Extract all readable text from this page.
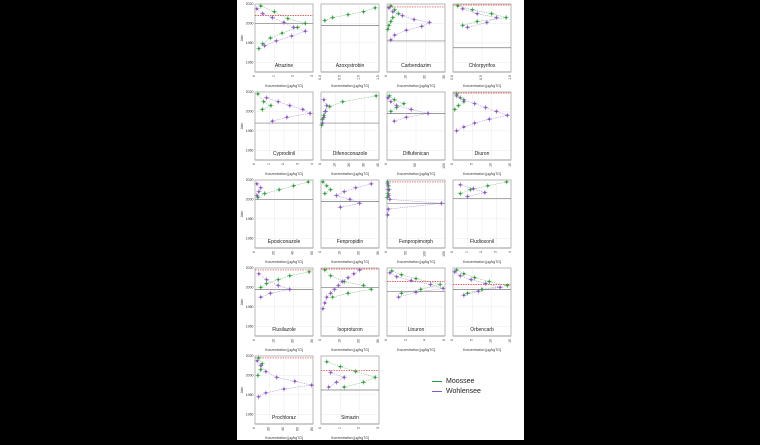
Atrazine
0	1	2	3
Konzentration [µg/kgTG]
1960
1980
2000
2020
Jahr
Azoxystrobin
0.0	0.5	1.0	1.5
Konzentration [µg/kgTG]
Carbendazim
0	10	20	30
Konzentration [µg/kgTG]
Chlorpyrifos
0.0	0.5	1.0
Konzentration [µg/kgTG]
Cyprodinil
0	1	2	3	4
Konzentration [µg/kgTG]
1960
1980
2000
2020
Jahr
Difenoconazole
0	10	20	30	40
Konzentration [µg/kgTG]
Diflufenican
0	50	100
Konzentration [µg/kgTG]
Diuron
0	5	10	15
Konzentration [µg/kgTG]
Epoxiconazole
0	20	40	60
Konzentration [µg/kgTG]
1960
1980
2000
2020
Jahr
Fenpropidin
0	10	20	30
Konzentration [µg/kgTG]
Fenpropimorph
0	50	100	150
Konzentration [µg/kgTG]
Fludioxonil
0	1	2	3	4
Konzentration [µg/kgTG]
Flusilazole
0	10	20	30
Konzentration [µg/kgTG]
1960
1980
2000
2020
Jahr
Isoproturon
0	10	20	30
Konzentration [µg/kgTG]
Linuron
0	2	4	6
Konzentration [µg/kgTG]
Orbencarb
0	5	10	15
Konzentration [µg/kgTG]
Prochloraz
0	20	40	60	80
Konzentration [µg/kgTG]
1960
1980
2000
2020
Jahr
Simazin
0	1	2	3
Konzentration [µg/kgTG]
Moossee
Wohlensee
